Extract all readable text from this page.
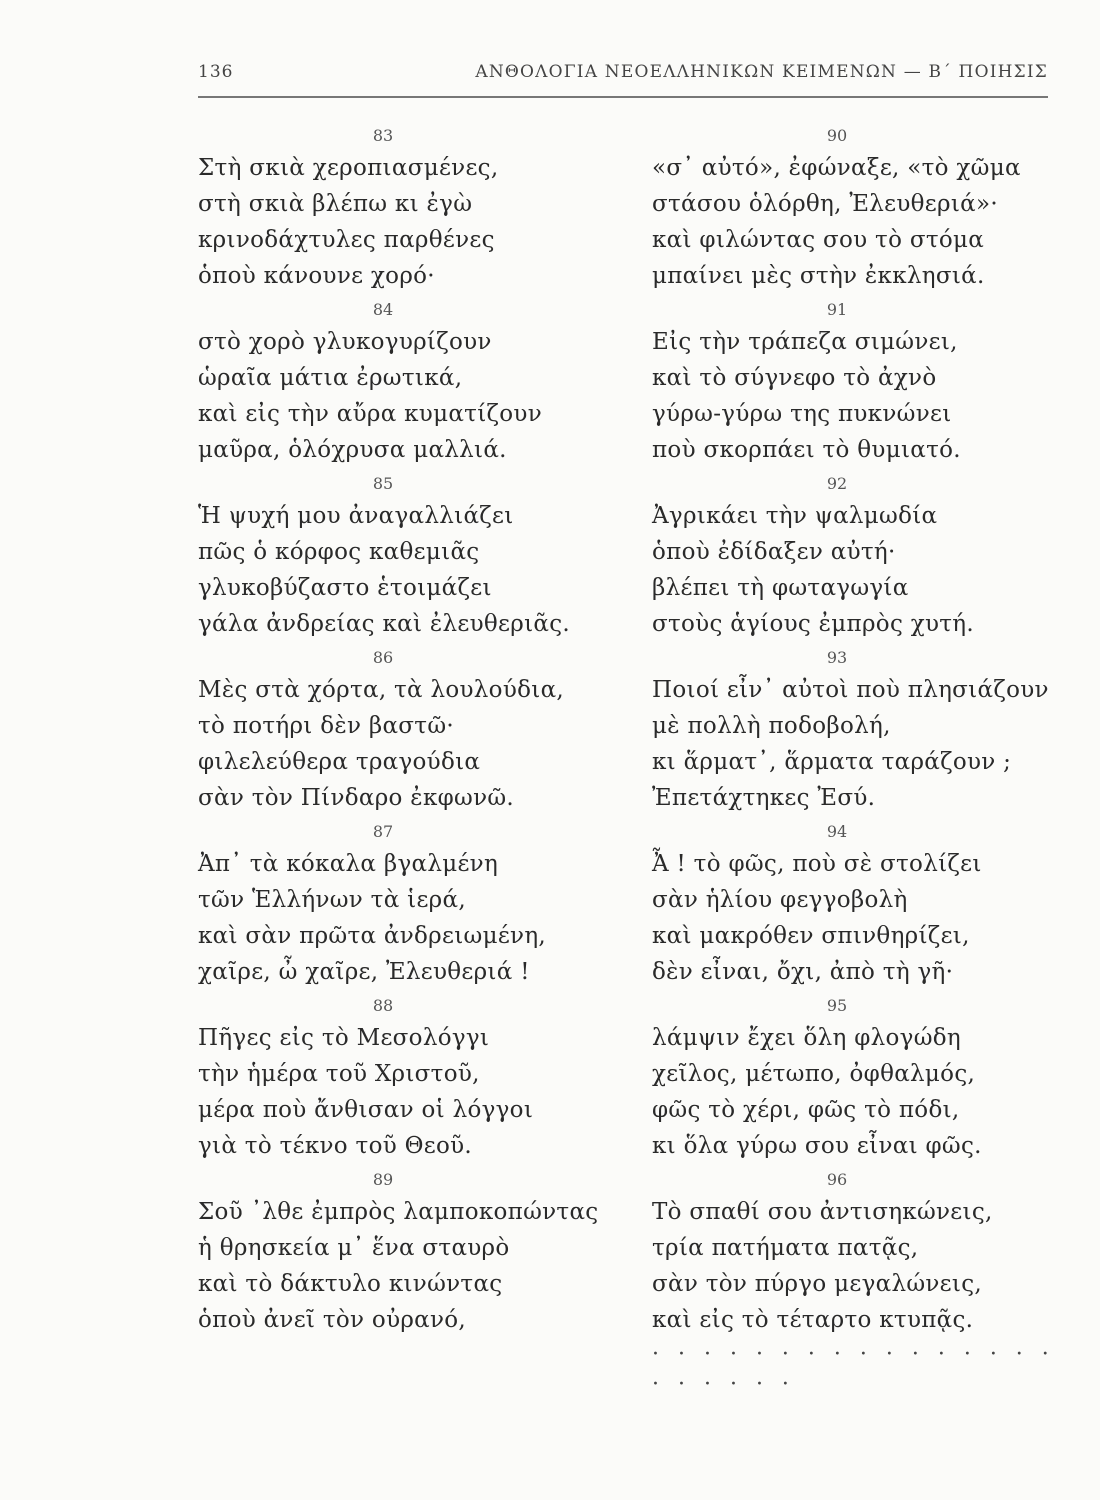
136	ΑΝΘΟΛΟΓΙΑ ΝΕΟΕΛΛΗΝΙΚΩΝ ΚΕΙΜΕΝΩΝ — Β΄ ΠΟΙΗΣΙΣ
83
Στὴ σκιὰ χεροπιασμένες,
στὴ σκιὰ βλέπω κι ἐγὼ
κρινοδάχτυλες παρθένες
ὁποὺ κάνουνε χορό·
84
στὸ χορὸ γλυκογυρίζουν
ὡραῖα μάτια ἐρωτικά,
καὶ εἰς τὴν αὔρα κυματίζουν
μαῦρα, ὁλόχρυσα μαλλιά.
85
Ἡ ψυχή μου ἀναγαλλιάζει
πῶς ὁ κόρφος καθεμιᾶς
γλυκοβύζαστο ἑτοιμάζει
γάλα ἀνδρείας καὶ ἐλευθεριᾶς.
86
Μὲς στὰ χόρτα, τὰ λουλούδια,
τὸ ποτήρι δὲν βαστῶ·
φιλελεύθερα τραγούδια
σὰν τὸν Πίνδαρο ἐκφωνῶ.
87
Ἀπ᾽ τὰ κόκαλα βγαλμένη
τῶν Ἑλλήνων τὰ ἱερά,
καὶ σὰν πρῶτα ἀνδρειωμένη,
χαῖρε, ὦ χαῖρε, Ἐλευθεριά !
88
Πῆγες εἰς τὸ Μεσολόγγι
τὴν ἡμέρα τοῦ Χριστοῦ,
μέρα ποὺ ἄνθισαν οἱ λόγγοι
γιὰ τὸ τέκνο τοῦ Θεοῦ.
89
Σοῦ ᾿λθε ἐμπρὸς λαμποκοπώντας
ἡ θρησκεία μ᾽ ἕνα σταυρὸ
καὶ τὸ δάκτυλο κινώντας
ὁποὺ ἀνεῖ τὸν οὐρανό,
90
«σ᾽ αὐτό», ἐφώναξε, «τὸ χῶμα
στάσου ὁλόρθη, Ἐλευθεριά»·
καὶ φιλώντας σου τὸ στόμα
μπαίνει μὲς στὴν ἐκκλησιά.
91
Εἰς τὴν τράπεζα σιμώνει,
καὶ τὸ σύγνεφο τὸ ἀχνὸ
γύρω-γύρω της πυκνώνει
ποὺ σκορπάει τὸ θυμιατό.
92
Ἀγρικάει τὴν ψαλμωδία
ὁποὺ ἐδίδαξεν αὐτή·
βλέπει τὴ φωταγωγία
στοὺς ἁγίους ἐμπρὸς χυτή.
93
Ποιοί εἶν᾽ αὐτοὶ ποὺ πλησιάζουν
μὲ πολλὴ ποδοβολή,
κι ἅρματ᾽, ἅρματα ταράζουν ;
Ἐπετάχτηκες Ἐσύ.
94
Ἆ ! τὸ φῶς, ποὺ σὲ στολίζει
σὰν ἡλίου φεγγοβολὴ
καὶ μακρόθεν σπινθηρίζει,
δὲν εἶναι, ὄχι, ἀπὸ τὴ γῆ·
95
λάμψιν ἔχει ὅλη φλογώδη
χεῖλος, μέτωπο, ὀφθαλμός,
φῶς τὸ χέρι, φῶς τὸ πόδι,
κι ὅλα γύρω σου εἶναι φῶς.
96
Τὸ σπαθί σου ἀντισηκώνεις,
τρία πατήματα πατᾷς,
σὰν τὸν πύργο μεγαλώνεις,
καὶ εἰς τὸ τέταρτο κτυπᾷς.
· · · · · · · · · · · · · · · · · · · · · ·
